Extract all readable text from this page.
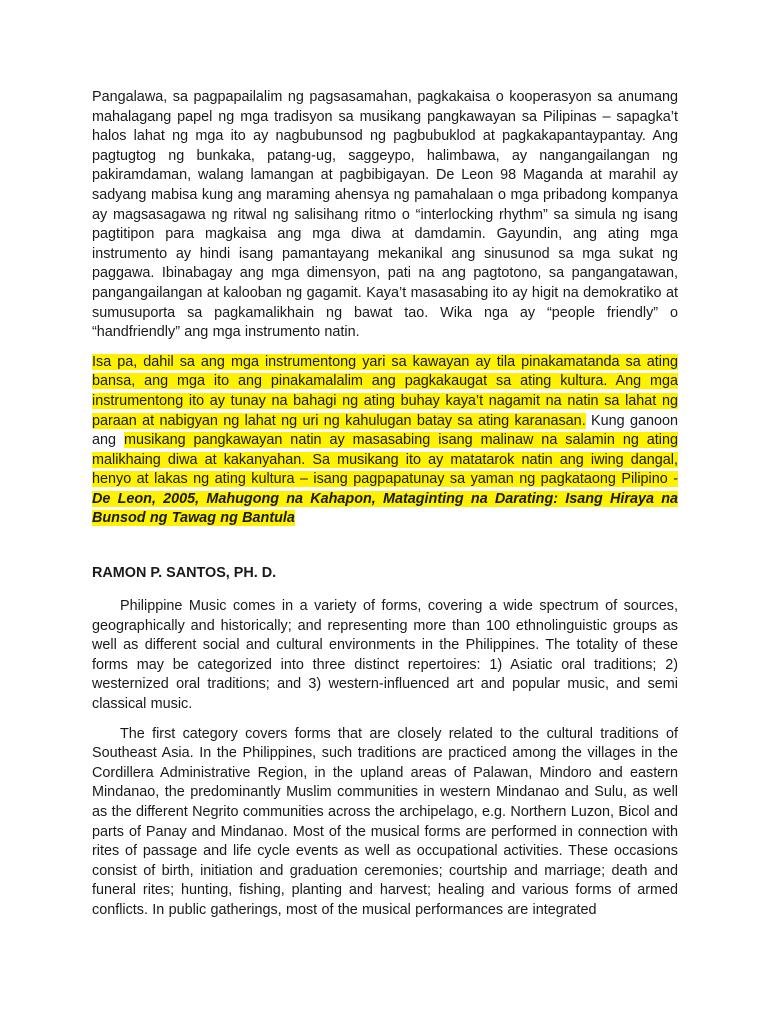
Pangalawa, sa pagpapailalim ng pagsasamahan, pagkakaisa o kooperasyon sa anumang mahalagang papel ng mga tradisyon sa musikang pangkawayan sa Pilipinas – sapagka’t halos lahat ng mga ito ay nagbubunsod ng pagbubuklod at pagkakapantaypantay. Ang pagtugtog ng bunkaka, patang-ug, saggeypo, halimbawa, ay nangangailangan ng pakiramdaman, walang lamangan at pagbibigayan. De Leon 98 Maganda at marahil ay sadyang mabisa kung ang maraming ahensya ng pamahalaan o mga pribadong kompanya ay magsasagawa ng ritwal ng salisihang ritmo o “interlocking rhythm” sa simula ng isang pagtitipon para magkaisa ang mga diwa at damdamin. Gayundin, ang ating mga instrumento ay hindi isang pamantayang mekanikal ang sinusunod sa mga sukat ng paggawa. Ibinabagay ang mga dimensyon, pati na ang pagtotono, sa pangangatawan, pangangailangan at kalooban ng gagamit. Kaya’t masasabing ito ay higit na demokratiko at sumusuporta sa pagkamalikhain ng bawat tao. Wika nga ay “people friendly” o “handfriendly” ang mga instrumento natin.

Isa pa, dahil sa ang mga instrumentong yari sa kawayan ay tila pinakamatanda sa ating bansa, ang mga ito ang pinakamalalim ang pagkakaugat sa ating kultura. Ang mga instrumentong ito ay tunay na bahagi ng ating buhay kaya’t nagamit na natin sa lahat ng paraan at nabigyan ng lahat ng uri ng kahulugan batay sa ating karanasan. Kung ganoon ang musikang pangkawayan natin ay masasabing isang malinaw na salamin ng ating malikhaing diwa at kakanyahan. Sa musikang ito ay matatarok natin ang iwing dangal, henyo at lakas ng ating kultura – isang pagpapatunay sa yaman ng pagkataong Pilipino -De Leon, 2005, Mahugong na Kahapon, Mataginting na Darating: Isang Hiraya na Bunsod ng Tawag ng Bantula

RAMON P. SANTOS, PH. D.

Philippine Music comes in a variety of forms, covering a wide spectrum of sources, geographically and historically; and representing more than 100 ethnolinguistic groups as well as different social and cultural environments in the Philippines. The totality of these forms may be categorized into three distinct repertoires: 1) Asiatic oral traditions; 2) westernized oral traditions; and 3) western-influenced art and popular music, and semi classical music.

The first category covers forms that are closely related to the cultural traditions of Southeast Asia. In the Philippines, such traditions are practiced among the villages in the Cordillera Administrative Region, in the upland areas of Palawan, Mindoro and eastern Mindanao, the predominantly Muslim communities in western Mindanao and Sulu, as well as the different Negrito communities across the archipelago, e.g. Northern Luzon, Bicol and parts of Panay and Mindanao. Most of the musical forms are performed in connection with rites of passage and life cycle events as well as occupational activities. These occasions consist of birth, initiation and graduation ceremonies; courtship and marriage; death and funeral rites; hunting, fishing, planting and harvest; healing and various forms of armed conflicts. In public gatherings, most of the musical performances are integrated
